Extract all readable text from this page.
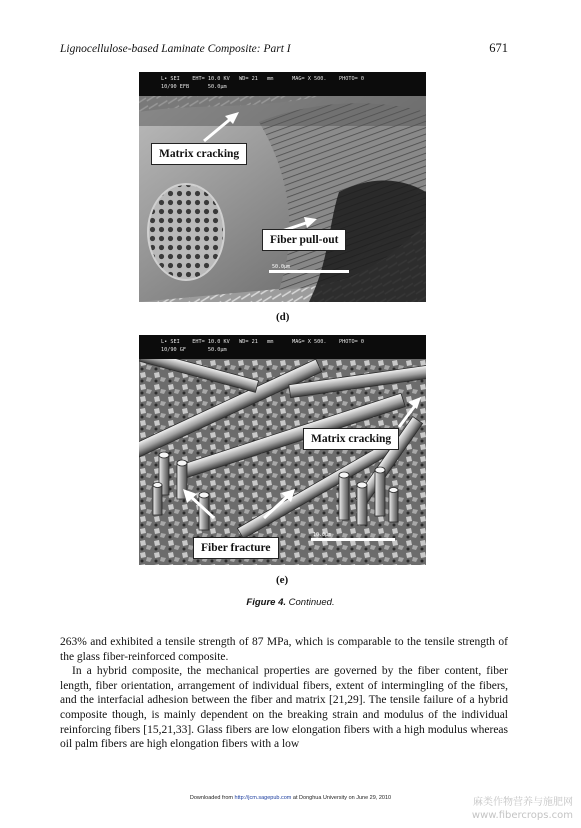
Lignocellulose-based Laminate Composite: Part I	671
50.0µm
L• SEI    EHT= 10.0 KV   WD= 21   mm      MAG= X 500.    PHOTO= 0
10/90 EFB      50.0µm
Matrix cracking
Fiber pull-out
(d)
10.0µm
L• SEI    EHT= 10.0 KV   WD= 21   mm      MAG= X 500.    PHOTO= 0
10/90 GF       50.0µm
Matrix cracking
Fiber fracture
(e)
Figure 4. Continued.

263% and exhibited a tensile strength of 87 MPa, which is comparable to the tensile strength of the glass fiber-reinforced composite.

In a hybrid composite, the mechanical properties are governed by the fiber content, fiber length, fiber orientation, arrangement of individual fibers, extent of intermingling of the fibers, and the interfacial adhesion between the fiber and matrix [21,29]. The tensile failure of a hybrid composite though, is mainly dependent on the breaking strain and modulus of the individual reinforcing fibers [15,21,33]. Glass fibers are low elongation fibers with a high modulus whereas oil palm fibers are high elongation fibers with a low

Downloaded from http://jcm.sagepub.com at Donghua University on June 29, 2010	麻类作物营养与施肥网
www.fibercrops.com
